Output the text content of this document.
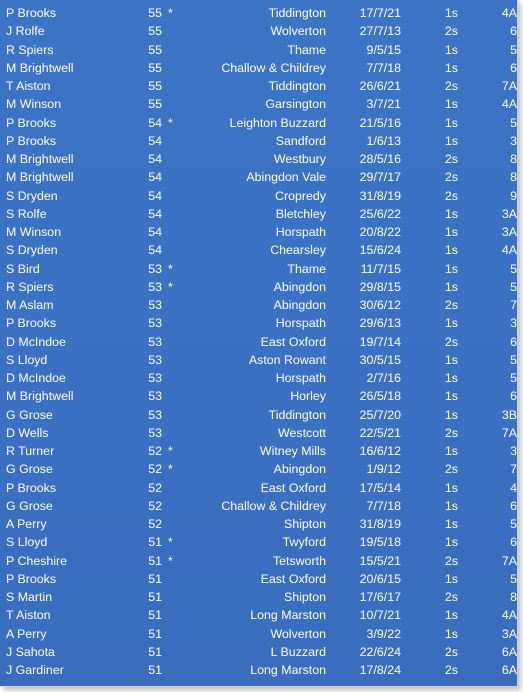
P Brooks	55	*	Tiddington	17/7/21	1s	4A
J Rolfe	55		Wolverton	27/7/13	2s	6
R Spiers	55		Thame	9/5/15	1s	5
M Brightwell	55		Challow & Childrey	7/7/18	1s	6
T Aiston	55		Tiddington	26/6/21	2s	7A
M Winson	55		Garsington	3/7/21	1s	4A
P Brooks	54	*	Leighton Buzzard	21/5/16	1s	5
P Brooks	54		Sandford	1/6/13	1s	3
M Brightwell	54		Westbury	28/5/16	2s	8
M Brightwell	54		Abingdon Vale	29/7/17	2s	8
S Dryden	54		Cropredy	31/8/19	2s	9
S Rolfe	54		Bletchley	25/6/22	1s	3A
M Winson	54		Horspath	20/8/22	1s	3A
S Dryden	54		Chearsley	15/6/24	1s	4A
S Bird	53	*	Thame	11/7/15	1s	5
R Spiers	53	*	Abingdon	29/8/15	1s	5
M Aslam	53		Abingdon	30/6/12	2s	7
P Brooks	53		Horspath	29/6/13	1s	3
D McIndoe	53		East Oxford	19/7/14	2s	6
S Lloyd	53		Aston Rowant	30/5/15	1s	5
D McIndoe	53		Horspath	2/7/16	1s	5
M Brightwell	53		Horley	26/5/18	1s	6
G Grose	53		Tiddington	25/7/20	1s	3B
D Wells	53		Westcott	22/5/21	2s	7A
R Turner	52	*	Witney Mills	16/6/12	1s	3
G Grose	52	*	Abingdon	1/9/12	2s	7
P Brooks	52		East Oxford	17/5/14	1s	4
G Grose	52		Challow & Childrey	7/7/18	1s	6
A Perry	52		Shipton	31/8/19	1s	5
S Lloyd	51	*	Twyford	19/5/18	1s	6
P Cheshire	51	*	Tetsworth	15/5/21	2s	7A
P Brooks	51		East Oxford	20/6/15	1s	5
S Martin	51		Shipton	17/6/17	2s	8
T Aiston	51		Long Marston	10/7/21	1s	4A
A Perry	51		Wolverton	3/9/22	1s	3A
J Sahota	51		L Buzzard	22/6/24	2s	6A
J Gardiner	51		Long Marston	17/8/24	2s	6A
